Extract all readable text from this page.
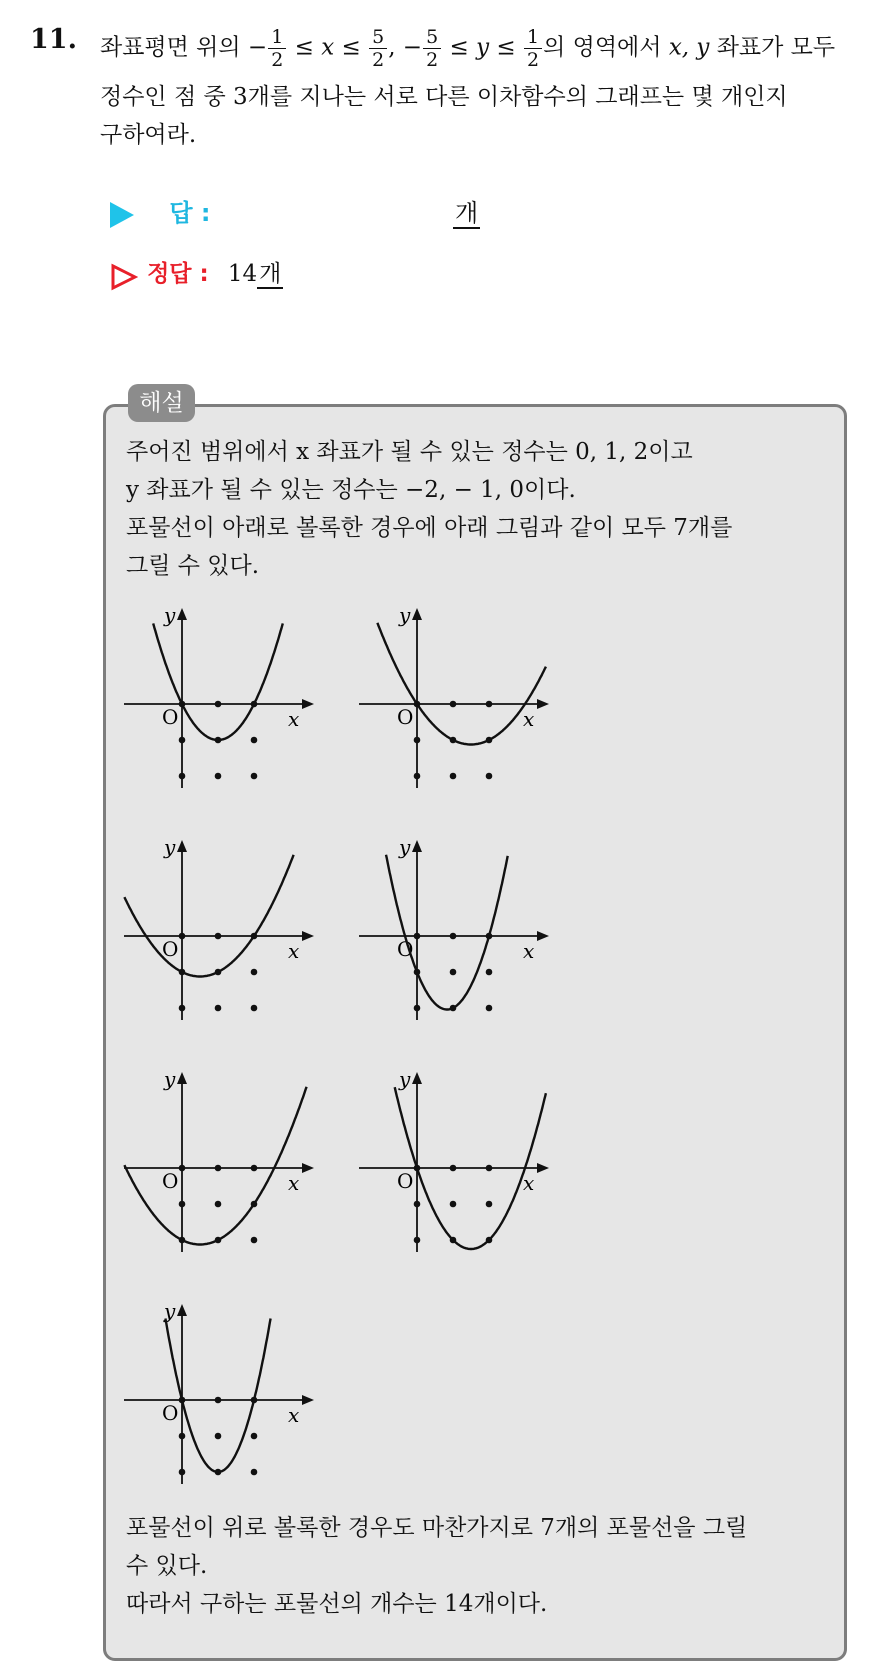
11. 좌표평면 위의 − $\frac{1}{2} \le x \le \frac{5}{2}$ , − $\frac{5}{2} \le y \le \frac{1}{2}$ 의 영역에서 x, y 좌표가 모두
정수인 점 중 3개를 지나는 서로 다른 이차함수의 그래프는 몇 개인지
구하여라.
답 :	개
정답 : 14개
해설
주어진 범위에서 x 좌표가 될 수 있는 정수는 0, 1, 2이고
y 좌표가 될 수 있는 정수는 −2, − 1, 0이다.
포물선이 아래로 볼록한 경우에 아래 그림과 같이 모두 7개를
그릴 수 있다.
x
y
O	x
y
O
x
y
O	x
y
O
x
y
O	x
y
O
x
y
O
포물선이 위로 볼록한 경우도 마찬가지로 7개의 포물선을 그릴
수 있다.
따라서 구하는 포물선의 개수는 14개이다.
